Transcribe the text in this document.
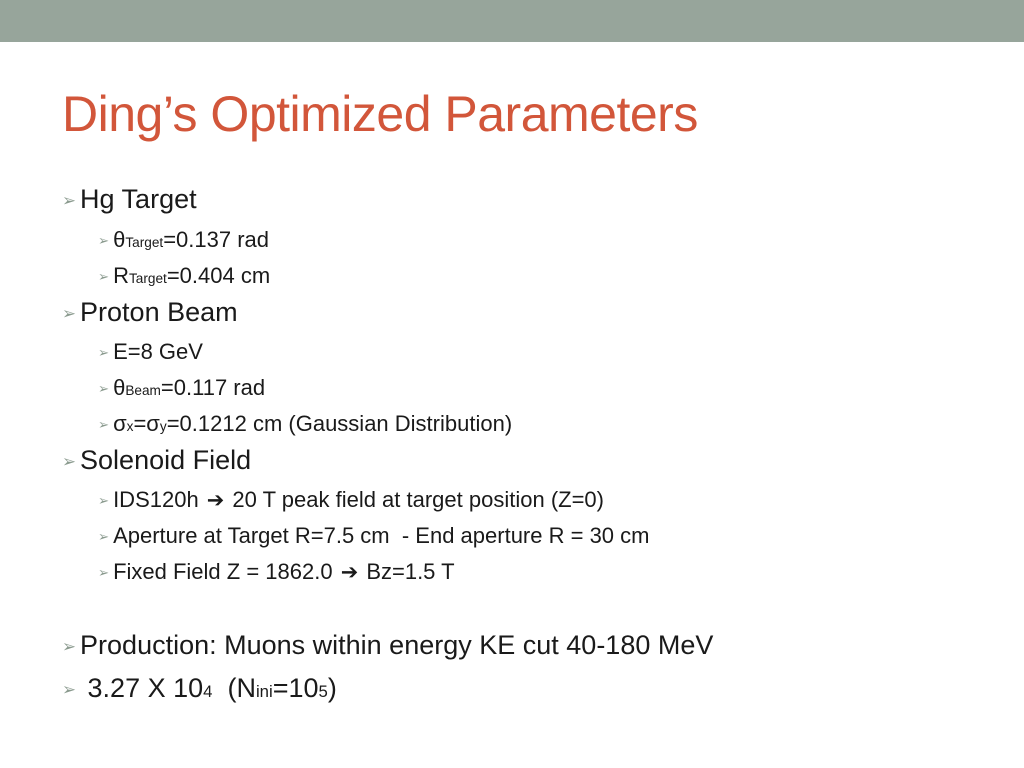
Ding’s Optimized Parameters
➢ Hg Target
➢ θ Target =0.137 rad
➢ R Target =0.404 cm
➢ Proton Beam
➢ E=8 GeV
➢ θ Beam =0.117 rad
➢ σ x =σ y =0.1212 cm (Gaussian Distribution)
➢ Solenoid Field
➢ IDS120h ➔ 20 T peak field at target position (Z=0)
➢ Aperture at Target R=7.5 cm  - End aperture R = 30 cm
➢ Fixed Field Z = 1862.0 ➔ Bz=1.5 T
➢ Production: Muons within energy KE cut 40-180 MeV
➢ 3.27 X 10 4 (N ini =10 5 )
